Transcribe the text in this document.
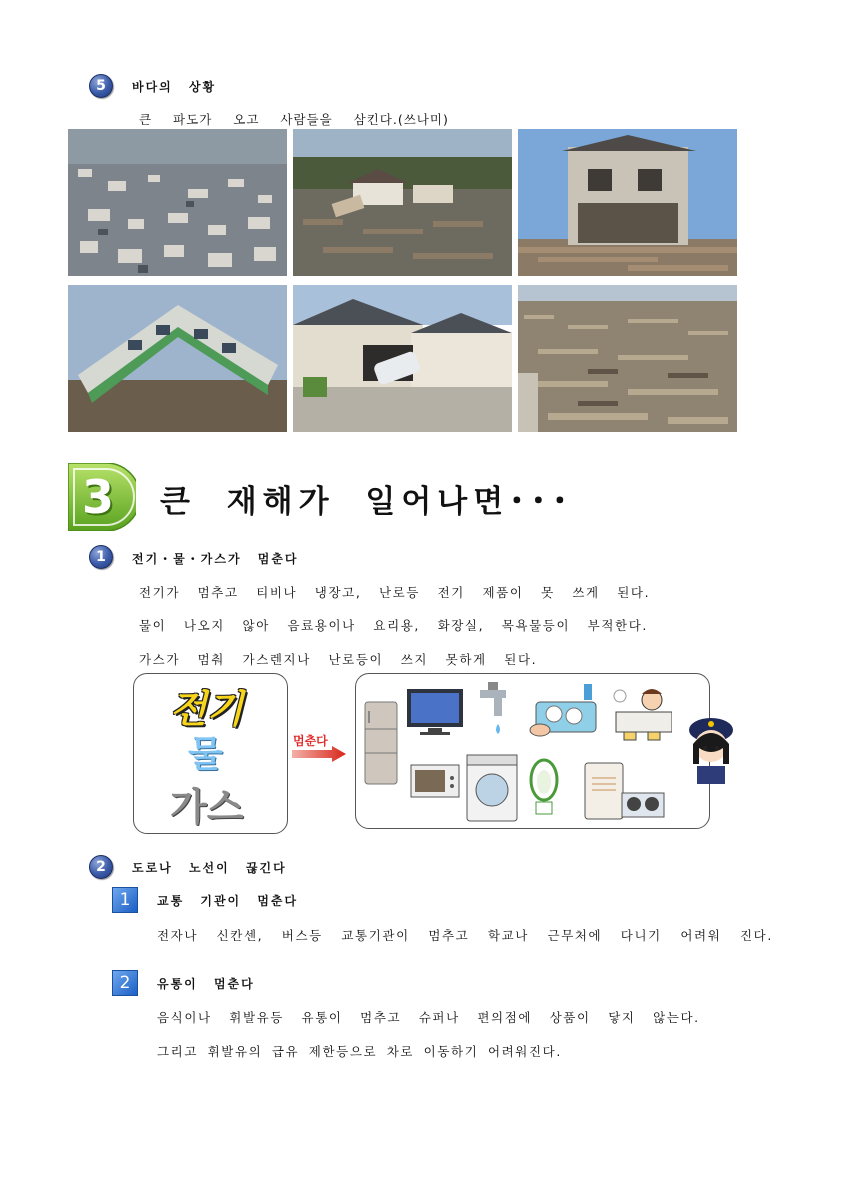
5	바다의 상황
큰 파도가 오고 사람들을 삼킨다.(쓰나미)
3	큰 재해가 일어나면･･･
1	전기・물・가스가 멈춘다
전기가 멈추고 티비나 냉장고, 난로등 전기 제품이 못 쓰게 된다.
물이 나오지 않아 음료용이나 요리용, 화장실, 목욕물등이 부적한다.
가스가 멈춰 가스렌지나 난로등이 쓰지 못하게 된다.
전기
물
가스
멈춘다
2	도로나 노선이 끊긴다
1	교통 기관이 멈춘다
전자나 신칸센, 버스등 교통기관이 멈추고 학교나 근무처에 다니기 어려워 진다.
2	유통이 멈춘다
음식이나 휘발유등 유통이 멈추고 슈퍼나 편의점에 상품이 닿지 않는다.
그리고 휘발유의 급유 제한등으로 차로 이동하기 어려워진다.
